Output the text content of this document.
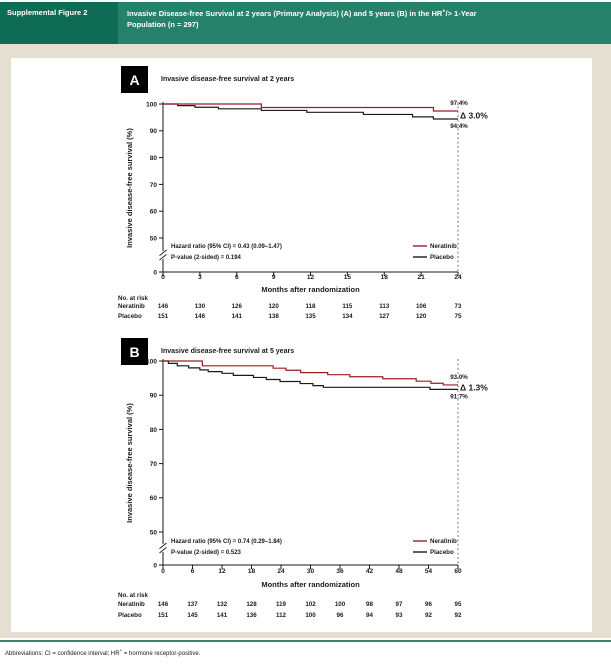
Supplemental Figure 2	Invasive Disease-free Survival at 2 years (Primary Analysis) (A) and 5 years (B) in the HR+/> 1-Year
Population (n = 297)
A	Invasive disease-free survival at 2 years
100
90
80
70
60
50
0
0	3	6	9	12	15	18	21	24
Months after randomization
Invasive disease-free survival (%)	Hazard ratio (95% CI) = 0.43 (0.09–1.47)
P-value (2-sided) = 0.194
Neratinib
Placebo
97.4%
Δ 3.0%
94.4%
No. at risk
Neratinib 146	130	126	120	118	115	113	106	73
Placebo	151	146	141	138	135	134	127	120	75
B	Invasive disease-free survival at 5 years
100
90
80
70
60
50
0
0	6	12	18	24	30	36	42	48	54	60
Months after randomization
Invasive disease-free survival (%)
Hazard ratio (95% CI) = 0.74 (0.29–1.84)
P-value (2-sided) = 0.523
Neratinib
Placebo
93.0%
Δ 1.3%
91.7%
No. at risk
Neratinib 146	137	132	128	119	102	100	98	97	96	95
Placebo	151	145	141	136	112	100	96	94	93	92	92
Abbreviations: CI = confidence interval; HR+ = hormone receptor-positive.
